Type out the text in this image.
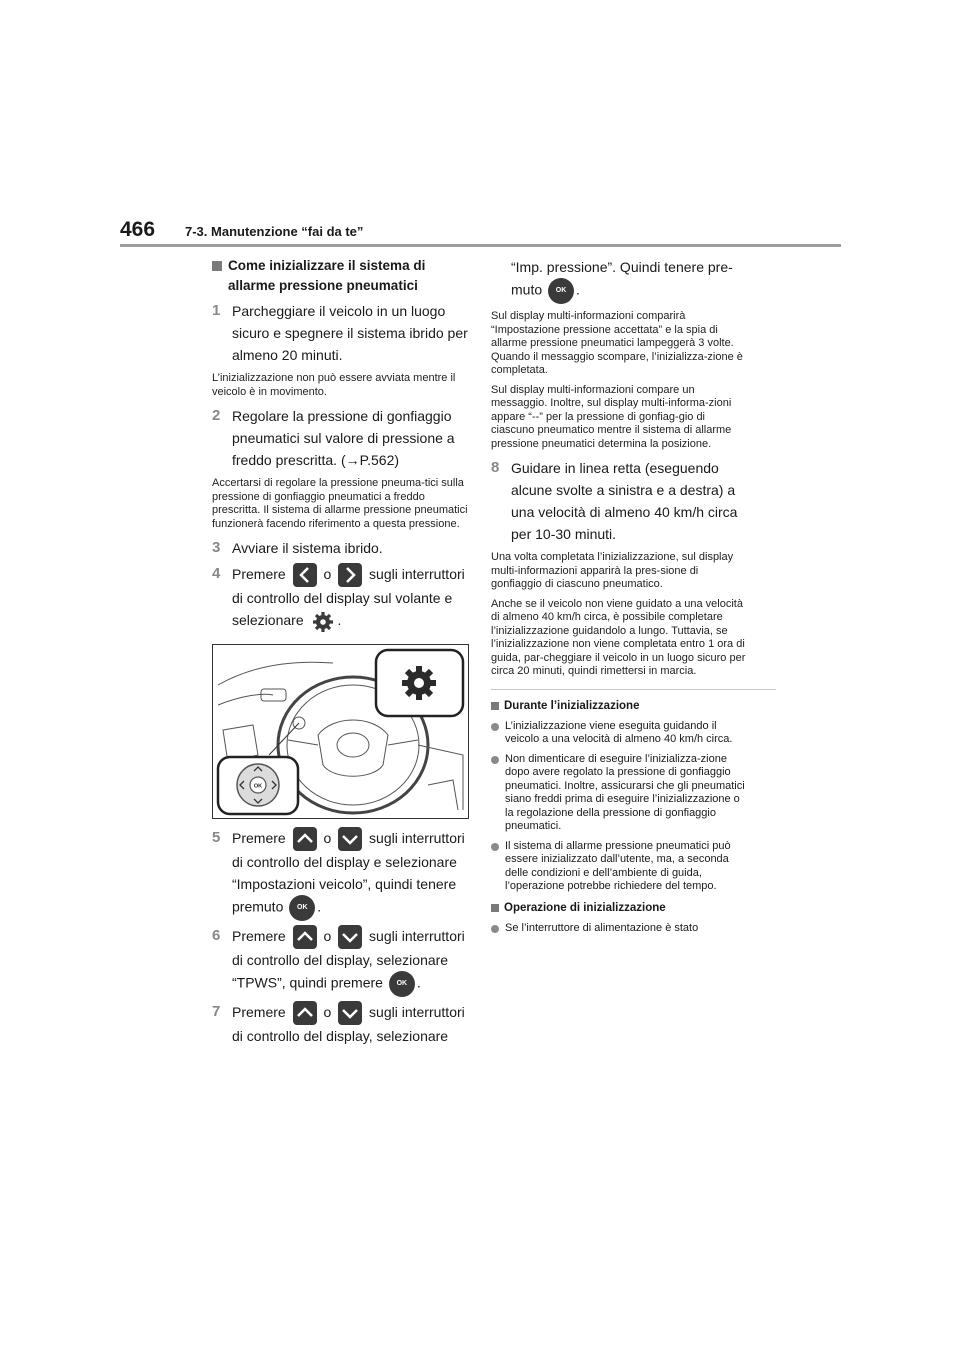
466 7-3. Manutenzione “fai da te”
Come inizializzare il sistema di allarme pressione pneumatici
1 Parcheggiare il veicolo in un luogo sicuro e spegnere il sistema ibrido per almeno 20 minuti.
L’inizializzazione non può essere avviata mentre il veicolo è in movimento.
2 Regolare la pressione di gonfiaggio pneumatici sul valore di pressione a freddo prescritta. (→P.562)
Accertarsi di regolare la pressione pneuma-tici sulla pressione di gonfiaggio pneumatici a freddo prescritta. Il sistema di allarme pressione pneumatici funzionerà facendo riferimento a questa pressione.
3 Avviare il sistema ibrido.
4 Premere	o	sugli interruttori di controllo del display sul volante e selezionare .
OK
5 Premere	o	sugli interruttori di controllo del display e selezionare “Impostazioni veicolo”, quindi tenere premuto OK .
6 Premere	o	sugli interruttori di controllo del display, selezionare “TPWS”, quindi premere OK .
7 Premere	o	sugli interruttori di controllo del display, selezionare
“Imp. pressione”. Quindi tenere pre-muto OK .
Sul display multi-informazioni comparirà “Impostazione pressione accettata” e la spia di allarme pressione pneumatici lampeggerà 3 volte. Quando il messaggio scompare, l’inizializza-zione è completata.
Sul display multi-informazioni compare un messaggio. Inoltre, sul display multi-informa-zioni appare “--” per la pressione di gonfiag-gio di ciascuno pneumatico mentre il sistema di allarme pressione pneumatici determina la posizione.
8 Guidare in linea retta (eseguendo alcune svolte a sinistra e a destra) a una velocità di almeno 40 km/h circa per 10-30 minuti.
Una volta completata l’inizializzazione, sul display multi-informazioni apparirà la pres-sione di gonfiaggio di ciascuno pneumatico.
Anche se il veicolo non viene guidato a una velocità di almeno 40 km/h circa, è possibile completare l’inizializzazione guidandolo a lungo. Tuttavia, se l’inizializzazione non viene completata entro 1 ora di guida, par-cheggiare il veicolo in un luogo sicuro per circa 20 minuti, quindi rimettersi in marcia.
Durante l’inizializzazione
L’inizializzazione viene eseguita guidando il veicolo a una velocità di almeno 40 km/h circa.
Non dimenticare di eseguire l’inizializza-zione dopo avere regolato la pressione di gonfiaggio pneumatici. Inoltre, assicurarsi che gli pneumatici siano freddi prima di eseguire l’inizializzazione o la regolazione della pressione di gonfiaggio pneumatici.
Il sistema di allarme pressione pneumatici può essere inizializzato dall’utente, ma, a seconda delle condizioni e dell’ambiente di guida, l’operazione potrebbe richiedere del tempo.
Operazione di inizializzazione
Se l’interruttore di alimentazione è stato
